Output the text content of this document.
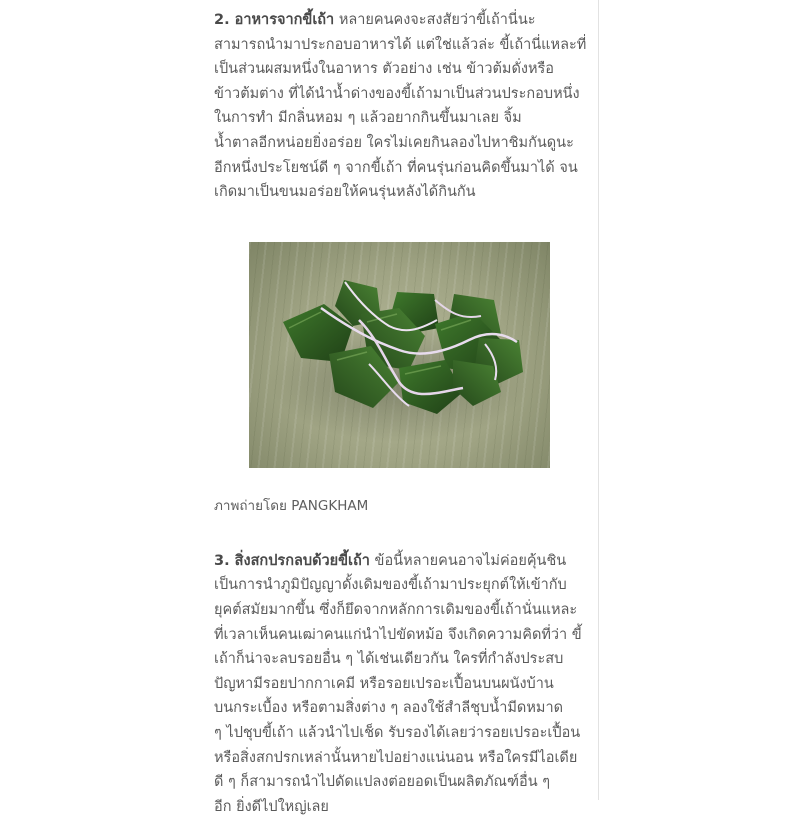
2. อาหารจากขี้เถ้า หลายคนคงจะสงสัยว่าขี้เถ้านี่นะ
สามารถนำมาประกอบอาหารได้ แต่ใช่แล้วล่ะ ขี้เถ้านี่แหละที่
เป็นส่วนผสมหนึ่งในอาหาร ตัวอย่าง เช่น ข้าวต้มดั่งหรือ
ข้าวต้มต่าง ที่ได้นำน้ำด่างของขี้เถ้ามาเป็นส่วนประกอบหนึ่ง
ในการทำ มีกลิ่นหอม ๆ แล้วอยากกินขึ้นมาเลย จิ้ม
น้ำตาลอีกหน่อยยิ่งอร่อย ใครไม่เคยกินลองไปหาชิมกันดูนะ
อีกหนึ่งประโยชน์ดี ๆ จากขี้เถ้า ที่คนรุ่นก่อนคิดขึ้นมาได้ จน
เกิดมาเป็นขนมอร่อยให้คนรุ่นหลังได้กินกัน

ภาพถ่ายโดย PANGKHAM

3. สิ่งสกปรกลบด้วยขี้เถ้า ข้อนี้หลายคนอาจไม่ค่อยคุ้นชิน
เป็นการนำภูมิปัญญาดั้งเดิมของขี้เถ้ามาประยุกต์ให้เข้ากับ
ยุคต์สมัยมากขึ้น ซึ่งก็ยึดจากหลักการเดิมของขี้เถ้านั่นแหละ
ที่เวลาเห็นคนเฒ่าคนแก่นำไปขัดหม้อ จึงเกิดความคิดที่ว่า ขี้
เถ้าก็น่าจะลบรอยอื่น ๆ ได้เช่นเดียวกัน ใครที่กำลังประสบ
ปัญหามีรอยปากกาเคมี หรือรอยเปรอะเปื้อนบนผนังบ้าน
บนกระเบื้อง หรือตามสิ่งต่าง ๆ ลองใช้สำลีชุบน้ำมีดหมาด
ๆ ไปชุบขี้เถ้า แล้วนำไปเช็ด รับรองได้เลยว่ารอยเปรอะเปื้อน
หรือสิ่งสกปรกเหล่านั้นหายไปอย่างแน่นอน หรือใครมีไอเดีย
ดี ๆ ก็สามารถนำไปดัดแปลงต่อยอดเป็นผลิตภัณฑ์อื่น ๆ
อีก ยิ่งดีไปใหญ่เลย
